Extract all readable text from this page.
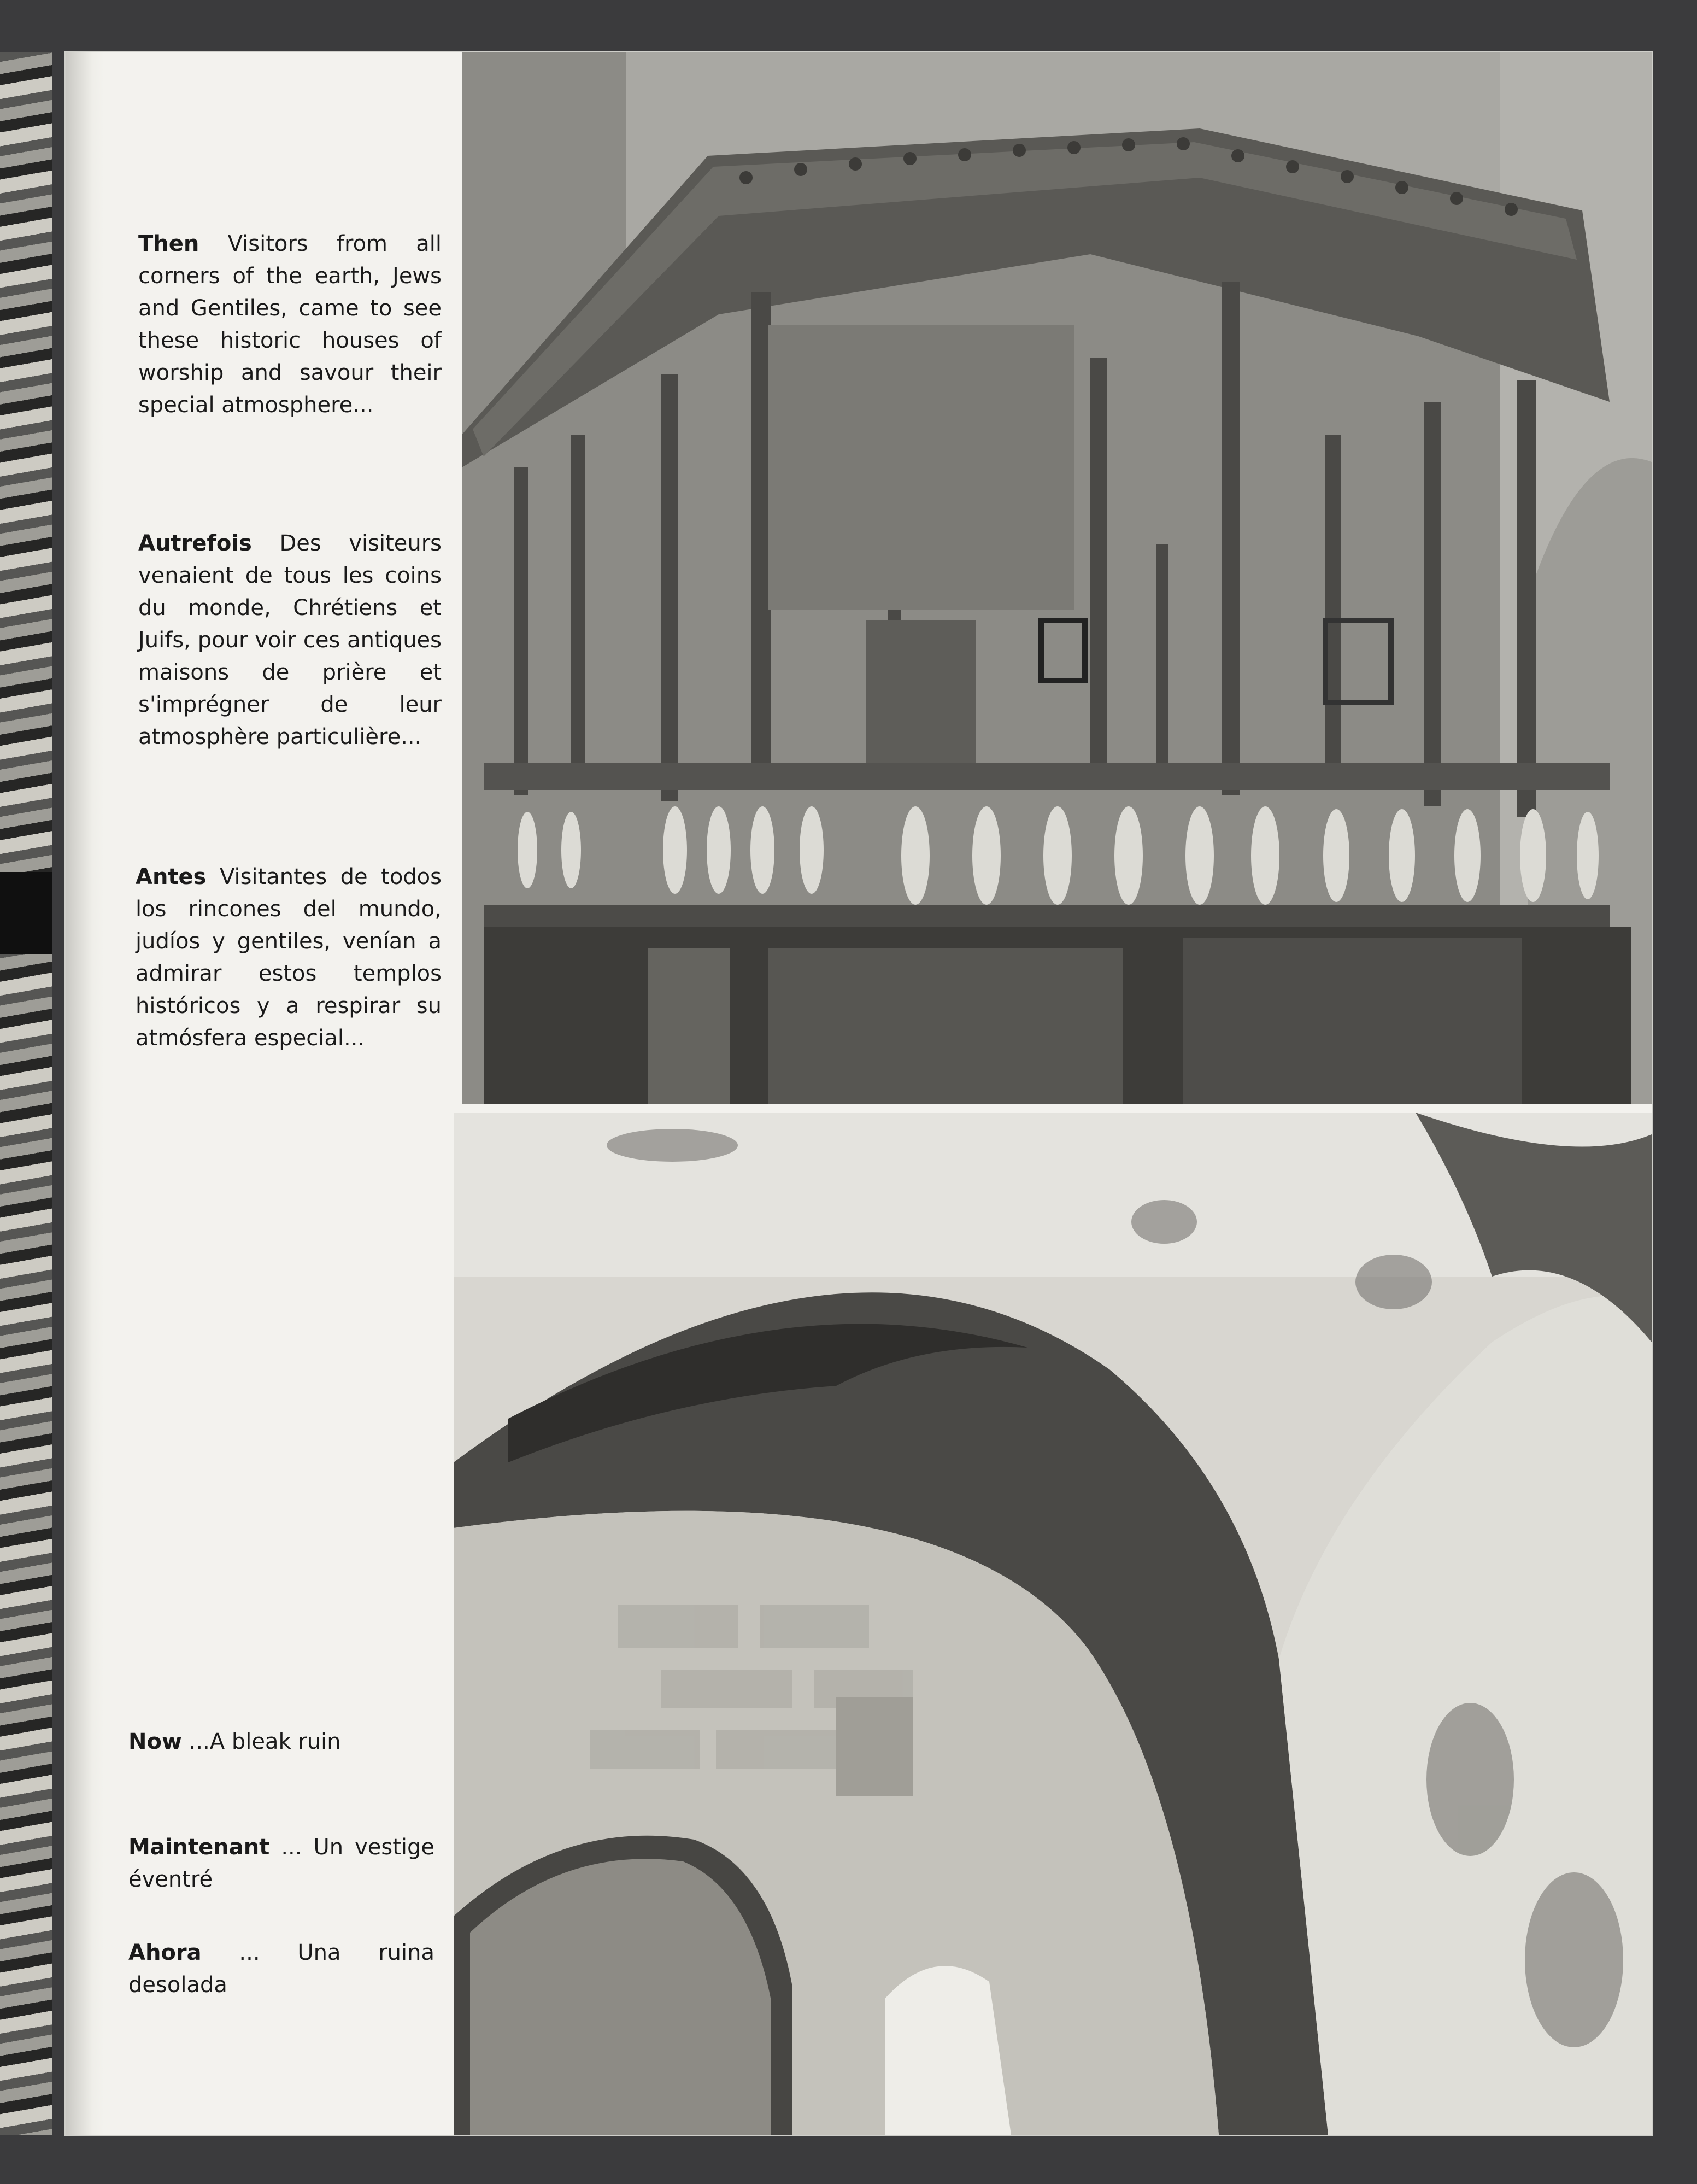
Then Visitors from all corners of the earth, Jews and Gentiles, came to see these historic houses of worship and savour their special atmosphere...
Autrefois Des visiteurs venaient de tous les coins du monde, Chrétiens et Juifs, pour voir ces antiques maisons de prière et s'imprégner de leur atmosphère particulière...
Antes Visitantes de todos los rincones del mundo, judíos y gentiles, venían a admirar estos templos históricos y a respirar su atmósfera especial...
Now ...A bleak ruin
Maintenant ... Un vestige éventré
Ahora ... Una ruina desolada
